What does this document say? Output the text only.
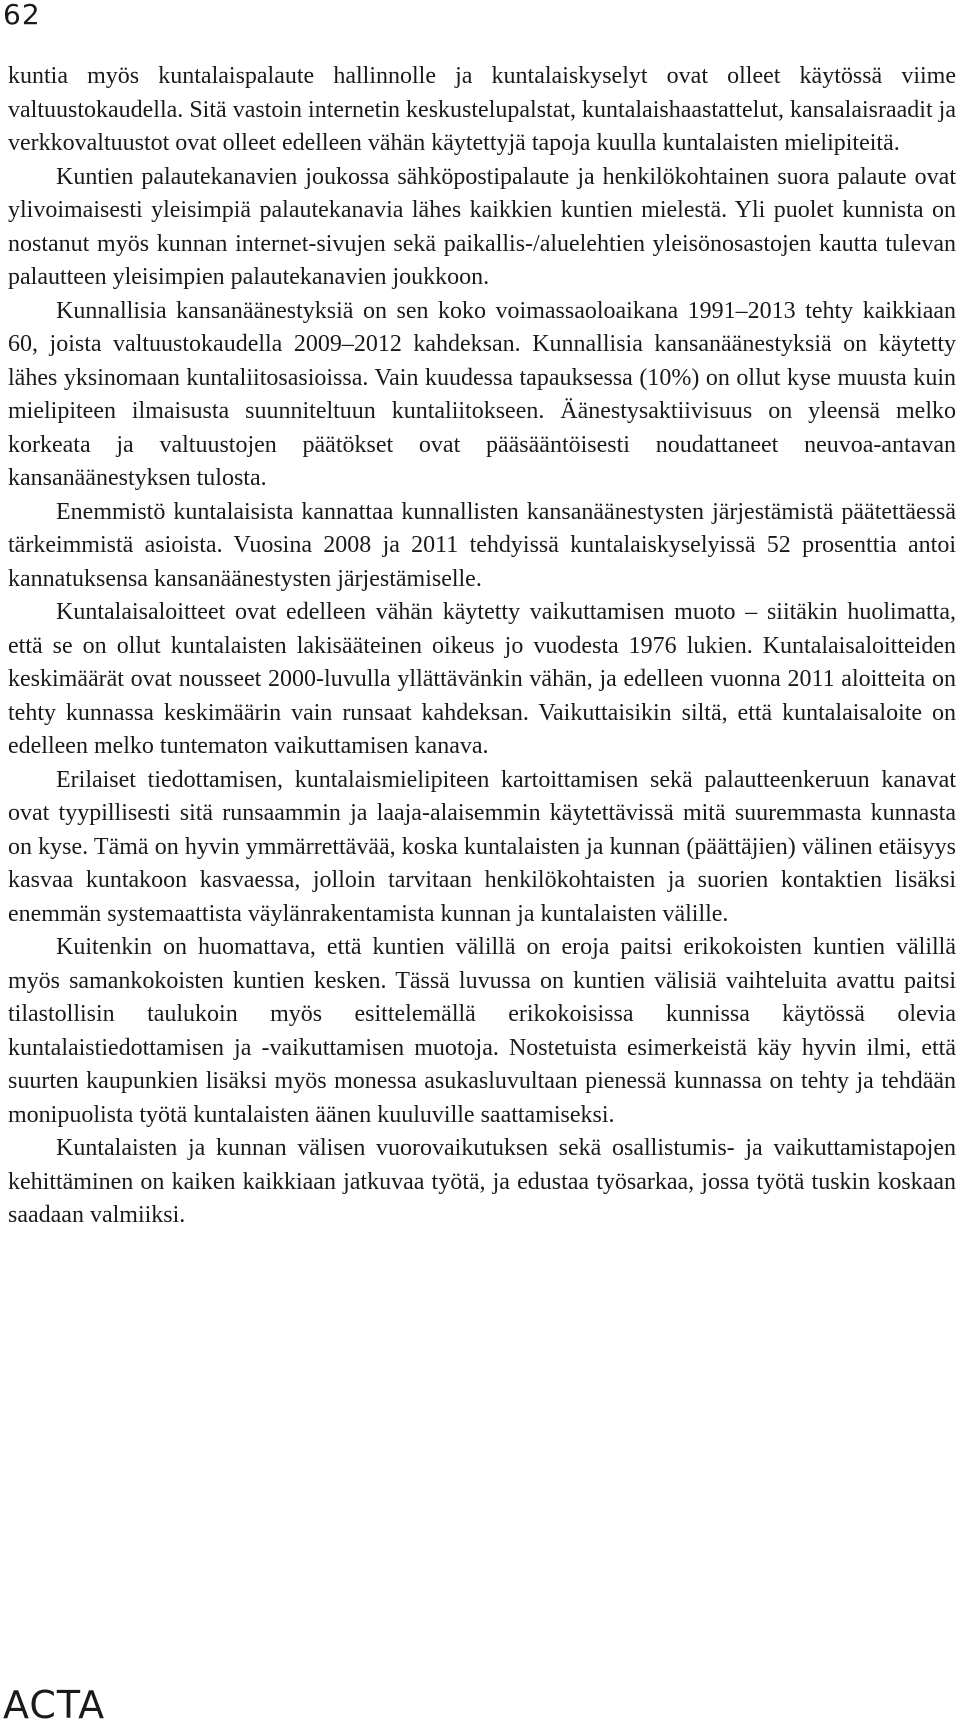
62

kuntia myös kuntalaispalaute hallinnolle ja kuntalaiskyselyt ovat olleet käytössä viime valtuustokaudella. Sitä vastoin internetin keskustelupalstat, kuntalaishaastattelut, kansalaisraadit ja verkkovaltuustot ovat olleet edelleen vähän käytettyjä tapoja kuulla kuntalaisten mielipiteitä.

Kuntien palautekanavien joukossa sähköpostipalaute ja henkilökohtainen suora palaute ovat ylivoimaisesti yleisimpiä palautekanavia lähes kaikkien kuntien mielestä. Yli puolet kunnista on nostanut myös kunnan internet-sivujen sekä paikallis-/aluelehtien yleisönosastojen kautta tulevan palautteen yleisimpien palautekanavien joukkoon.

Kunnallisia kansanäänestyksiä on sen koko voimassaoloaikana 1991–2013 tehty kaikkiaan 60, joista valtuustokaudella 2009–2012 kahdeksan. Kunnallisia kansanäänestyksiä on käytetty lähes yksinomaan kuntaliitosasioissa. Vain kuudessa tapauksessa (10%) on ollut kyse muusta kuin mielipiteen ilmaisusta suunniteltuun kuntaliitokseen. Äänestysaktiivisuus on yleensä melko korkeata ja valtuustojen päätökset ovat pääsääntöisesti noudattaneet neuvoa-antavan kansanäänestyksen tulosta.

Enemmistö kuntalaisista kannattaa kunnallisten kansanäänestysten järjestämistä päätettäessä tärkeimmistä asioista. Vuosina 2008 ja 2011 tehdyissä kuntalaiskyselyissä 52 prosenttia antoi kannatuksensa kansanäänestysten järjestämiselle.

Kuntalaisaloitteet ovat edelleen vähän käytetty vaikuttamisen muoto – siitäkin huolimatta, että se on ollut kuntalaisten lakisääteinen oikeus jo vuodesta 1976 lukien. Kuntalaisaloitteiden keskimäärät ovat nousseet 2000-luvulla yllättävänkin vähän, ja edelleen vuonna 2011 aloitteita on tehty kunnassa keskimäärin vain runsaat kahdeksan. Vaikuttaisikin siltä, että kuntalaisaloite on edelleen melko tuntematon vaikuttamisen kanava.

Erilaiset tiedottamisen, kuntalaismielipiteen kartoittamisen sekä palautteenkeruun kanavat ovat tyypillisesti sitä runsaammin ja laaja-alaisemmin käytettävissä mitä suuremmasta kunnasta on kyse. Tämä on hyvin ymmärrettävää, koska kuntalaisten ja kunnan (päättäjien) välinen etäisyys kasvaa kuntakoon kasvaessa, jolloin tarvitaan henkilökohtaisten ja suorien kontaktien lisäksi enemmän systemaattista väylänrakentamista kunnan ja kuntalaisten välille.

Kuitenkin on huomattava, että kuntien välillä on eroja paitsi erikokoisten kuntien välillä myös samankokoisten kuntien kesken. Tässä luvussa on kuntien välisiä vaihteluita avattu paitsi tilastollisin taulukoin myös esittelemällä erikokoisissa kunnissa käytössä olevia kuntalaistiedottamisen ja -vaikuttamisen muotoja. Nostetuista esimerkeistä käy hyvin ilmi, että suurten kaupunkien lisäksi myös monessa asukasluvultaan pienessä kunnassa on tehty ja tehdään monipuolista työtä kuntalaisten äänen kuuluville saattamiseksi.

Kuntalaisten ja kunnan välisen vuorovaikutuksen sekä osallistumis- ja vaikuttamistapojen kehittäminen on kaiken kaikkiaan jatkuvaa työtä, ja edustaa työsarkaa, jossa työtä tuskin koskaan saadaan valmiiksi.

ACTA
